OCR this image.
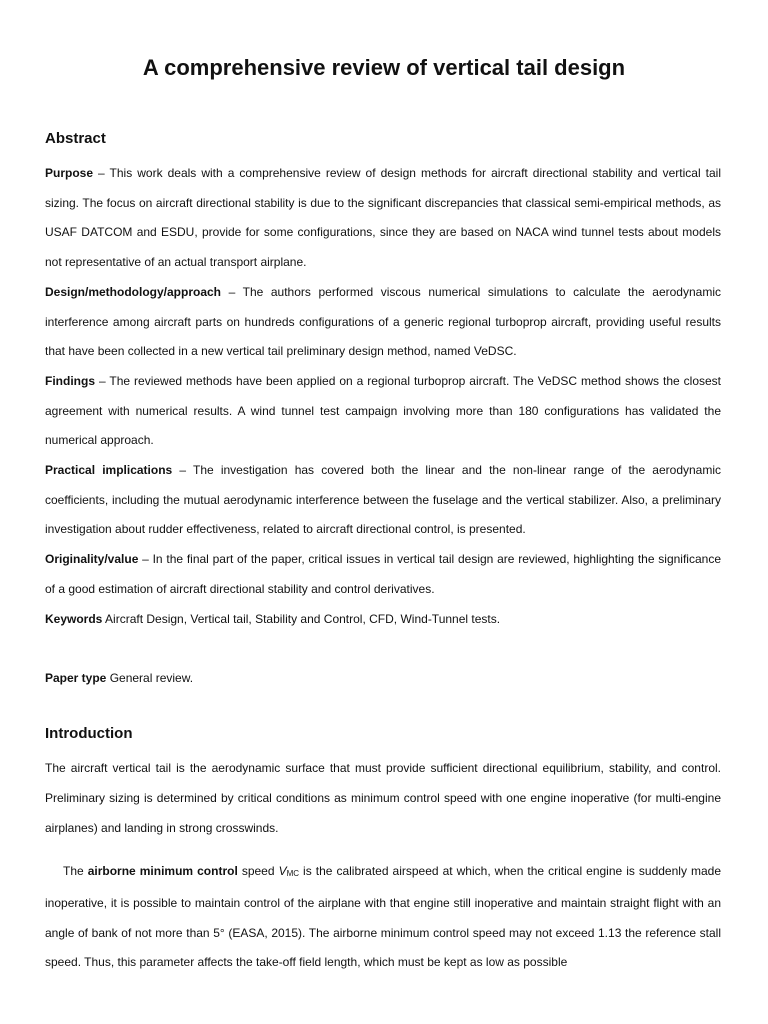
A comprehensive review of vertical tail design
Abstract

Purpose – This work deals with a comprehensive review of design methods for aircraft directional stability and vertical tail sizing. The focus on aircraft directional stability is due to the significant discrepancies that classical semi-empirical methods, as USAF DATCOM and ESDU, provide for some configurations, since they are based on NACA wind tunnel tests about models not representative of an actual transport airplane.

Design/methodology/approach – The authors performed viscous numerical simulations to calculate the aerodynamic interference among aircraft parts on hundreds configurations of a generic regional turboprop aircraft, providing useful results that have been collected in a new vertical tail preliminary design method, named VeDSC.

Findings – The reviewed methods have been applied on a regional turboprop aircraft. The VeDSC method shows the closest agreement with numerical results. A wind tunnel test campaign involving more than 180 configurations has validated the numerical approach.

Practical implications – The investigation has covered both the linear and the non-linear range of the aerodynamic coefficients, including the mutual aerodynamic interference between the fuselage and the vertical stabilizer. Also, a preliminary investigation about rudder effectiveness, related to aircraft directional control, is presented.

Originality/value – In the final part of the paper, critical issues in vertical tail design are reviewed, highlighting the significance of a good estimation of aircraft directional stability and control derivatives.

Keywords Aircraft Design, Vertical tail, Stability and Control, CFD, Wind-Tunnel tests.

Paper type General review.

Introduction

The aircraft vertical tail is the aerodynamic surface that must provide sufficient directional equilibrium, stability, and control. Preliminary sizing is determined by critical conditions as minimum control speed with one engine inoperative (for multi-engine airplanes) and landing in strong crosswinds.

The airborne minimum control speed VMC is the calibrated airspeed at which, when the critical engine is suddenly made inoperative, it is possible to maintain control of the airplane with that engine still inoperative and maintain straight flight with an angle of bank of not more than 5° (EASA, 2015). The airborne minimum control speed may not exceed 1.13 the reference stall speed. Thus, this parameter affects the take-off field length, which must be kept as low as possible
